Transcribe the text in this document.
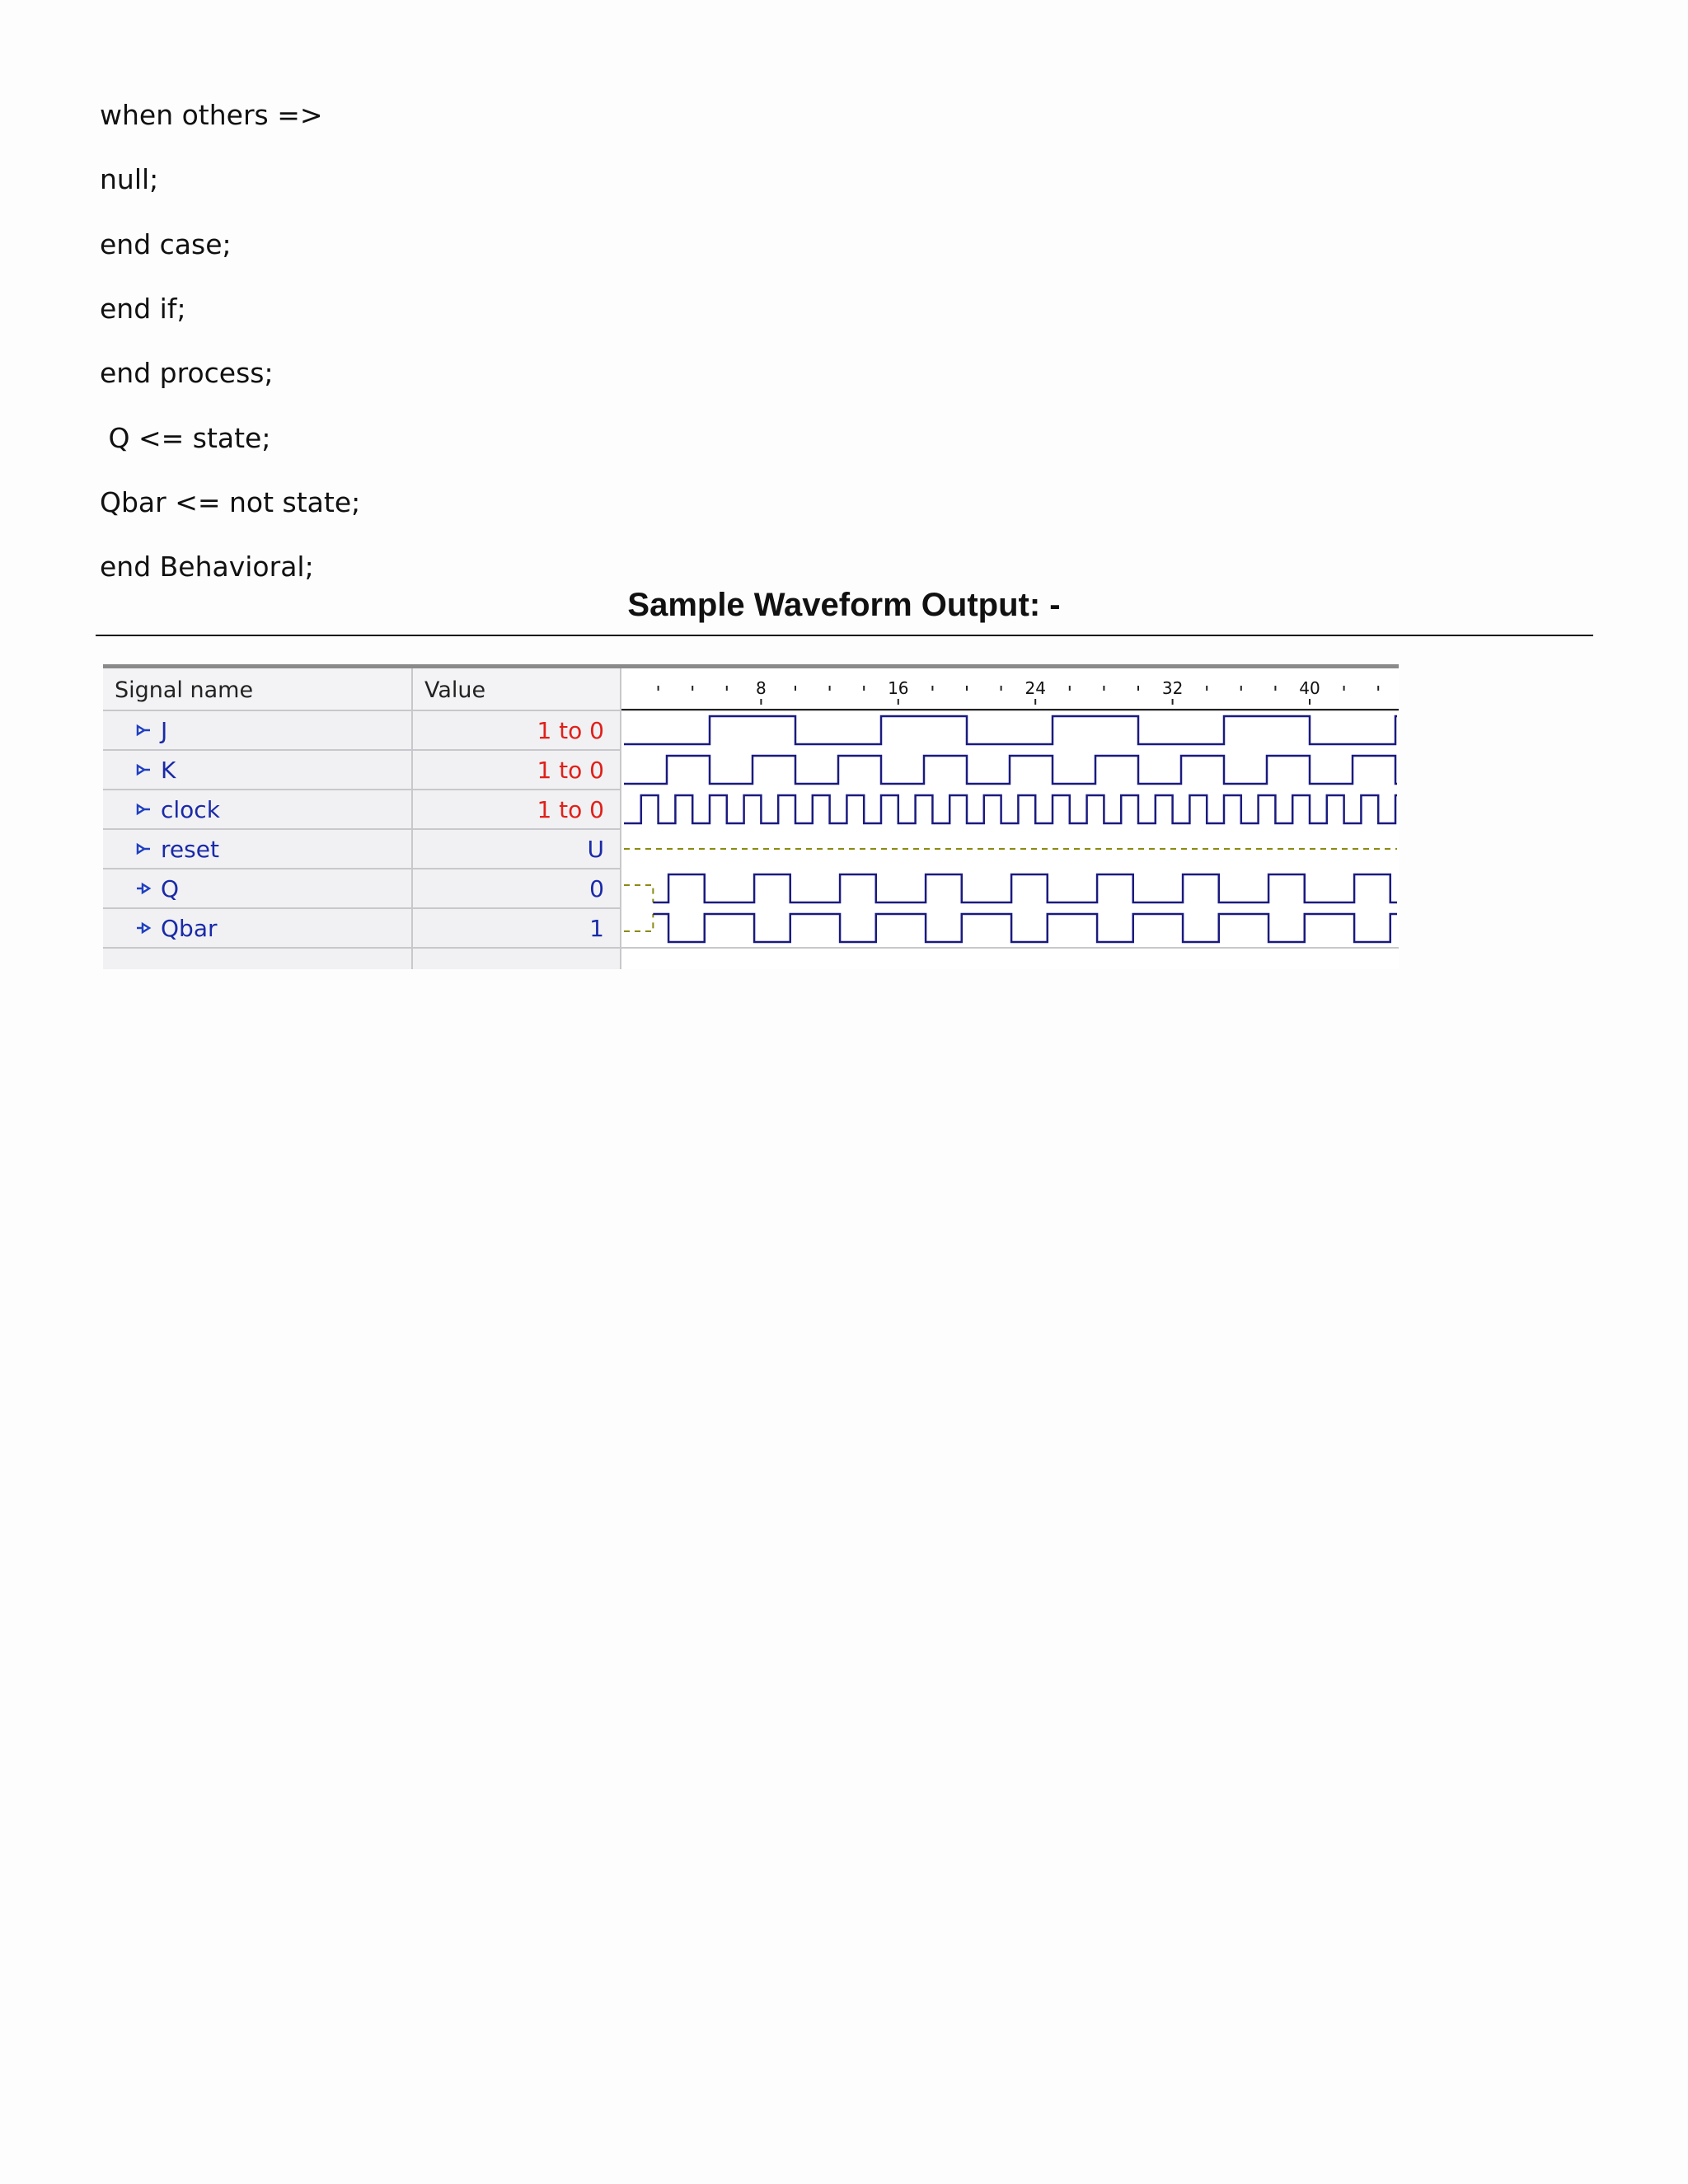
when others =>
null;
end case;
end if;
end process;
Q <= state;
Qbar <= not state;
end Behavioral;
Sample Waveform Output: -
Signal name	Value	8	16	24	32	40
J	1 to 0
K	1 to 0
clock	1 to 0
reset	U
Q	0
Qbar	1
